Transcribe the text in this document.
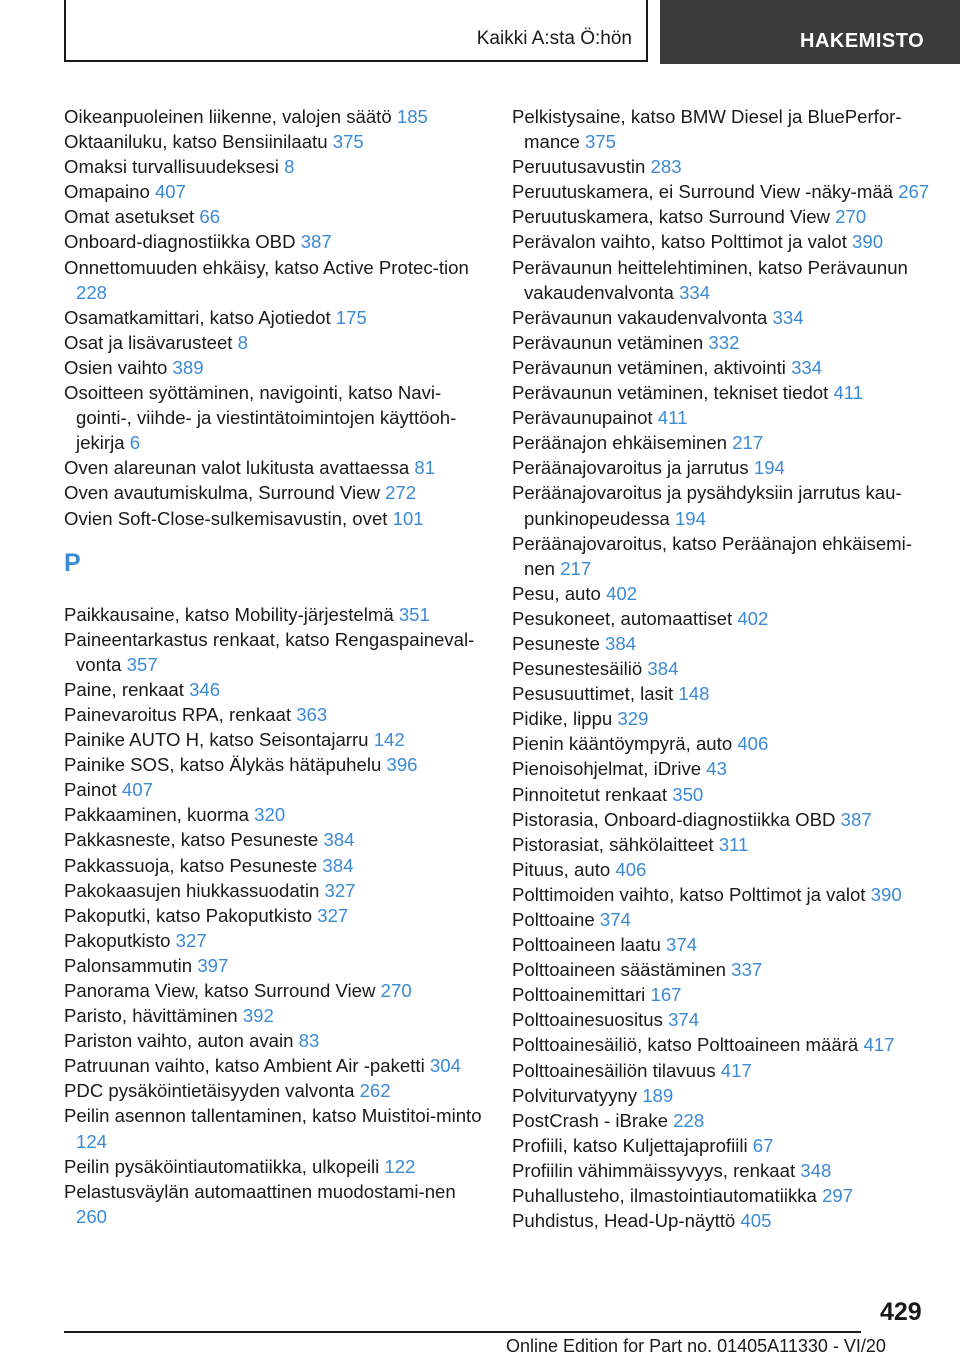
Kaikki A:sta Ö:hön	HAKEMISTO
Oikeanpuoleinen liikenne, valojen säätö 185
Oktaaniluku, katso Bensiinilaatu 375
Omaksi turvallisuudeksesi 8
Omapaino 407
Omat asetukset 66
Onboard-diagnostiikka OBD 387
Onnettomuuden ehkäisy, katso Active Protec‐tion 228
Osamatkamittari, katso Ajotiedot 175
Osat ja lisävarusteet 8
Osien vaihto 389
Osoitteen syöttäminen, navigointi, katso Navi‐gointi-, viihde- ja viestintätoimintojen käyttöoh‐jekirja 6
Oven alareunan valot lukitusta avattaessa 81
Oven avautumiskulma, Surround View 272
Ovien Soft-Close-sulkemisavustin, ovet 101
P
Paikkausaine, katso Mobility-järjestelmä 351
Paineentarkastus renkaat, katso Rengaspaineval‐vonta 357
Paine, renkaat 346
Painevaroitus RPA, renkaat 363
Painike AUTO H, katso Seisontajarru 142
Painike SOS, katso Älykäs hätäpuhelu 396
Painot 407
Pakkaaminen, kuorma 320
Pakkasneste, katso Pesuneste 384
Pakkassuoja, katso Pesuneste 384
Pakokaasujen hiukkassuodatin 327
Pakoputki, katso Pakoputkisto 327
Pakoputkisto 327
Palonsammutin 397
Panorama View, katso Surround View 270
Paristo, hävittäminen 392
Pariston vaihto, auton avain 83
Patruunan vaihto, katso Ambient Air -paketti 304
PDC pysäköintietäisyyden valvonta 262
Peilin asennon tallentaminen, katso Muistitoi‐minto 124
Peilin pysäköintiautomatiikka, ulkopeili 122
Pelastusväylän automaattinen muodostami‐nen 260
Pelkistysaine, katso BMW Diesel ja BluePerfor‐mance 375
Peruutusavustin 283
Peruutuskamera, ei Surround View -näky‐mää 267
Peruutuskamera, katso Surround View 270
Perävalon vaihto, katso Polttimot ja valot 390
Perävaunun heittelehtiminen, katso Perävaunun vakaudenvalvonta 334
Perävaunun vakaudenvalvonta 334
Perävaunun vetäminen 332
Perävaunun vetäminen, aktivointi 334
Perävaunun vetäminen, tekniset tiedot 411
Perävaunupainot 411
Peräänajon ehkäiseminen 217
Peräänajovaroitus ja jarrutus 194
Peräänajovaroitus ja pysähdyksiin jarrutus kau‐punkinopeudessa 194
Peräänajovaroitus, katso Peräänajon ehkäisemi‐nen 217
Pesu, auto 402
Pesukoneet, automaattiset 402
Pesuneste 384
Pesunestesäiliö 384
Pesusuuttimet, lasit 148
Pidike, lippu 329
Pienin kääntöympyrä, auto 406
Pienoisohjelmat, iDrive 43
Pinnoitetut renkaat 350
Pistorasia, Onboard-diagnostiikka OBD 387
Pistorasiat, sähkölaitteet 311
Pituus, auto 406
Polttimoiden vaihto, katso Polttimot ja valot 390
Polttoaine 374
Polttoaineen laatu 374
Polttoaineen säästäminen 337
Polttoainemittari 167
Polttoainesuositus 374
Polttoainesäiliö, katso Polttoaineen määrä 417
Polttoainesäiliön tilavuus 417
Polviturvatyyny 189
PostCrash - iBrake 228
Profiili, katso Kuljettajaprofiili 67
Profiilin vähimmäissyvyys, renkaat 348
Puhallusteho, ilmastointiautomatiikka 297
Puhdistus, Head-Up-näyttö 405
429
Online Edition for Part no. 01405A11330 - VI/20
